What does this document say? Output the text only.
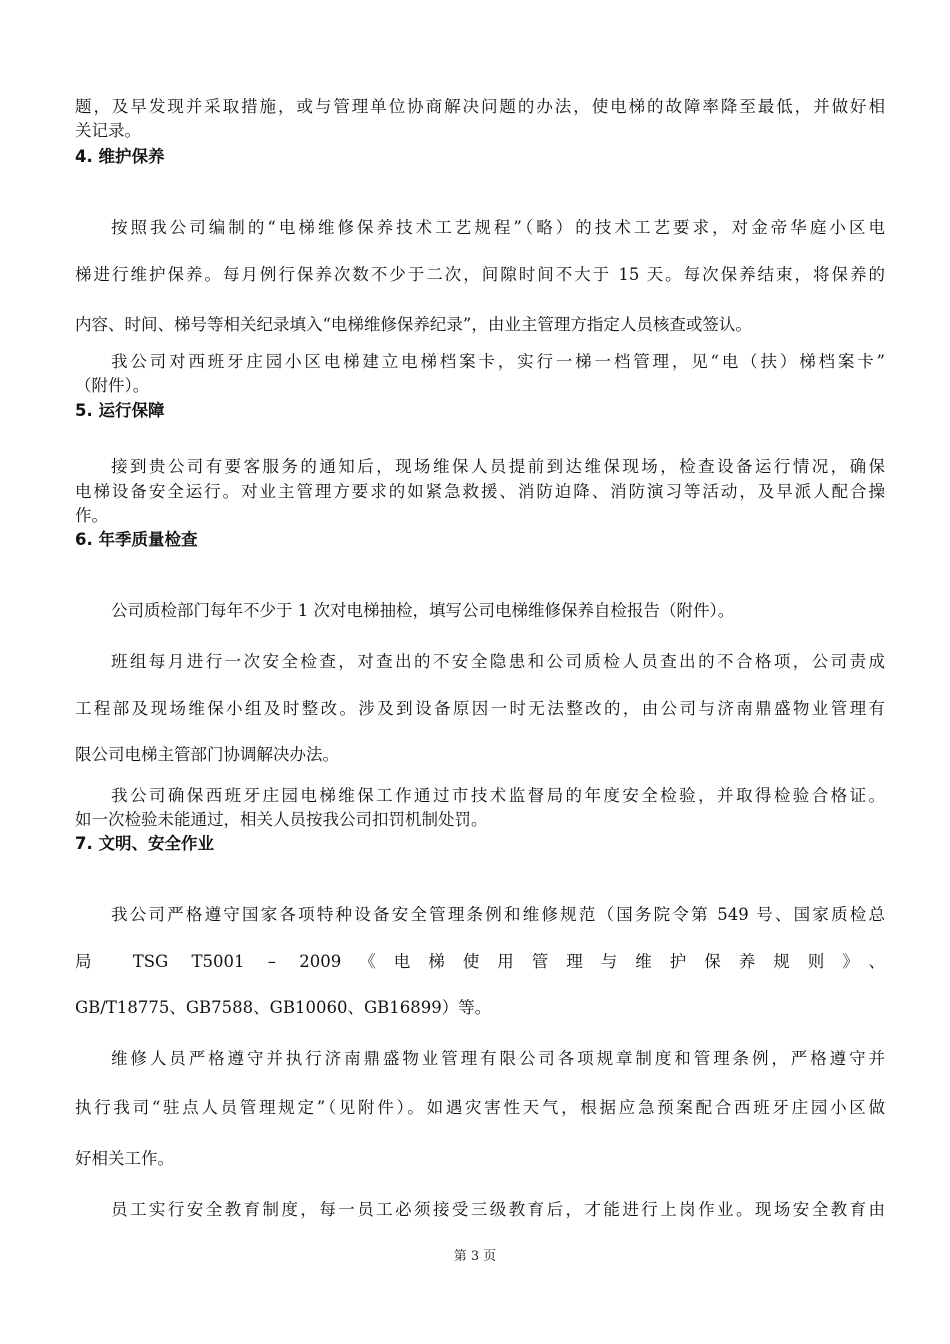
题，及早发现并采取措施，或与管理单位协商解决问题的办法，使电梯的故障率降至最低，并做好相
关记录。
4. 维护保养
按照我公司编制的“电梯维修保养技术工艺规程”（略）的技术工艺要求，对金帝华庭小区电
梯进行维护保养。每月例行保养次数不少于二次，间隙时间不大于 15 天。每次保养结束，将保养的
内容、时间、梯号等相关纪录填入“电梯维修保养纪录”，由业主管理方指定人员核查或签认。
我公司对西班牙庄园小区电梯建立电梯档案卡，实行一梯一档管理，见“电（扶）梯档案卡”
（附件）。
5. 运行保障
接到贵公司有要客服务的通知后，现场维保人员提前到达维保现场，检查设备运行情况，确保
电梯设备安全运行。对业主管理方要求的如紧急救援、消防迫降、消防演习等活动，及早派人配合操
作。
6. 年季质量检查
公司质检部门每年不少于 1 次对电梯抽检，填写公司电梯维修保养自检报告（附件）。
班组每月进行一次安全检查，对查出的不安全隐患和公司质检人员查出的不合格项，公司责成
工程部及现场维保小组及时整改。涉及到设备原因一时无法整改的，由公司与济南鼎盛物业管理有
限公司电梯主管部门协调解决办法。
我公司确保西班牙庄园电梯维保工作通过市技术监督局的年度安全检验，并取得检验合格证。
如一次检验未能通过，相关人员按我公司扣罚机制处罚。
7. 文明、安全作业
我公司严格遵守国家各项特种设备安全管理条例和维修规范（国务院令第 549 号、国家质检总
局 TSG T5001 – 2009《电梯使用管理与维护保养规则》、
GB/T18775、GB7588、GB10060、GB16899）等。
维修人员严格遵守并执行济南鼎盛物业管理有限公司各项规章制度和管理条例，严格遵守并
执行我司“驻点人员管理规定”（见附件）。如遇灾害性天气，根据应急预案配合西班牙庄园小区做
好相关工作。
员工实行安全教育制度，每一员工必须接受三级教育后，才能进行上岗作业。现场安全教育由
第 3 页
